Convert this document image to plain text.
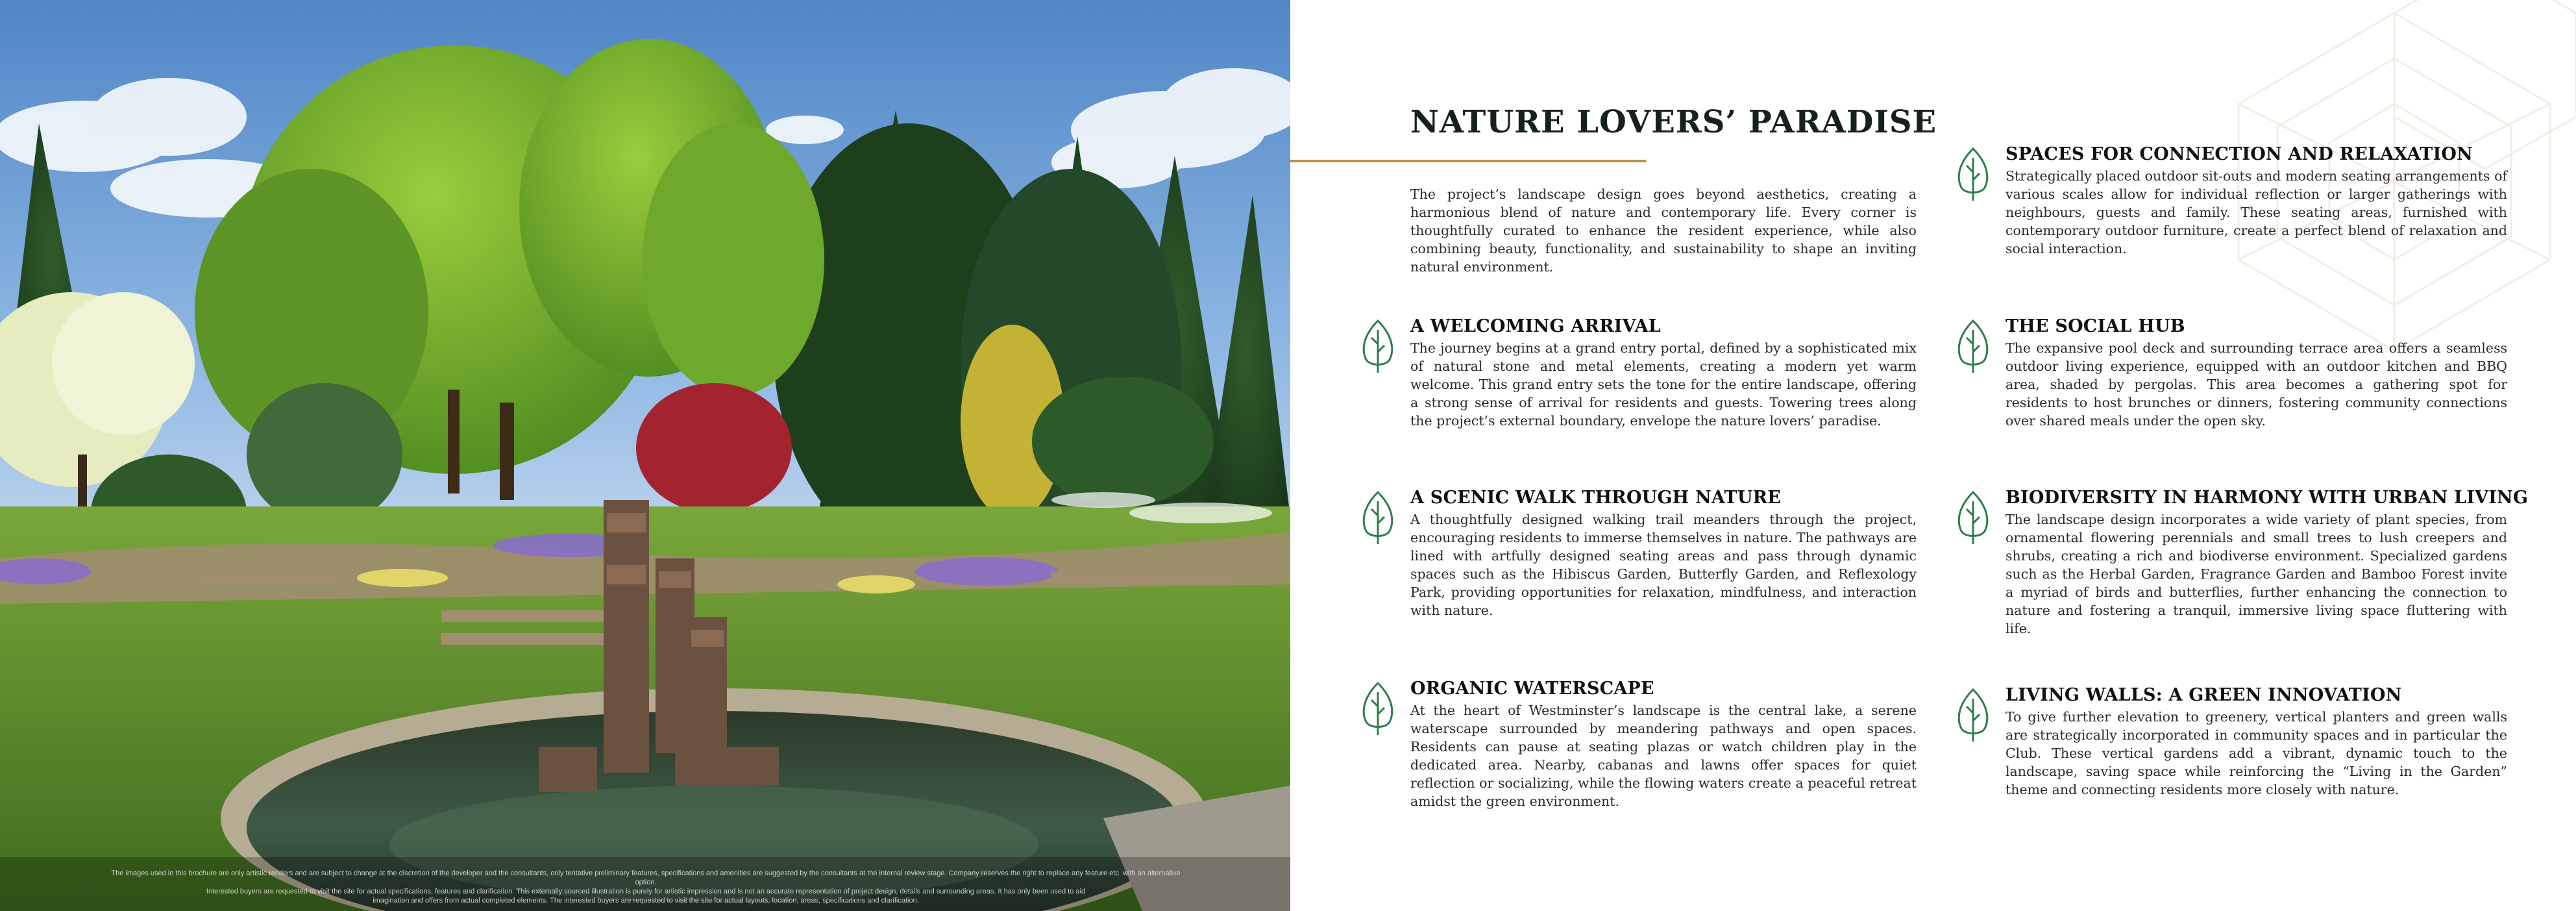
The images used in this brochure are only artistic renders and are subject to change at the discretion of the developer and the consultants, only tentative preliminary features, specifications and amenities are suggested by the consultants at the internal review stage. Company reserves the right to replace any feature etc. with an alternative option.
Interested buyers are requested to visit the site for actual specifications, features and clarification. This externally sourced illustration is purely for artistic impression and is not an accurate representation of project design, details and surrounding areas. It has only been used to aid
imagination and offers from actual completed elements. The interested buyers are requested to visit the site for actual layouts, location, areas, specifications and clarification.
NATURE LOVERS’ PARADISE

The project’s landscape design goes beyond aesthetics, creating a harmonious blend of nature and contemporary life. Every corner is thoughtfully curated to enhance the resident experience, while also combining beauty, functionality, and sustainability to shape an inviting natural environment.

A WELCOMING ARRIVAL

The journey begins at a grand entry portal, defined by a sophisticated mix of natural stone and metal elements, creating a modern yet warm welcome. This grand entry sets the tone for the entire landscape, offering a strong sense of arrival for residents and guests. Towering trees along the project’s external boundary, envelope the nature lovers’ paradise.

A SCENIC WALK THROUGH NATURE

A thoughtfully designed walking trail meanders through the project, encouraging residents to immerse themselves in nature. The pathways are lined with artfully designed seating areas and pass through dynamic spaces such as the Hibiscus Garden, Butterfly Garden, and Reflexology Park, providing opportunities for relaxation, mindfulness, and interaction with nature.

ORGANIC WATERSCAPE

At the heart of Westminster’s landscape is the central lake, a serene waterscape surrounded by meandering pathways and open spaces. Residents can pause at seating plazas or watch children play in the dedicated area. Nearby, cabanas and lawns offer spaces for quiet reflection or socializing, while the flowing waters create a peaceful retreat amidst the green environment.

SPACES FOR CONNECTION AND RELAXATION

Strategically placed outdoor sit-outs and modern seating arrangements of various scales allow for individual reflection or larger gatherings with neighbours, guests and family. These seating areas, furnished with contemporary outdoor furniture, create a perfect blend of relaxation and social interaction.

THE SOCIAL HUB

The expansive pool deck and surrounding terrace area offers a seamless outdoor living experience, equipped with an outdoor kitchen and BBQ area, shaded by pergolas. This area becomes a gathering spot for residents to host brunches or dinners, fostering community connections over shared meals under the open sky.

BIODIVERSITY IN HARMONY WITH URBAN LIVING

The landscape design incorporates a wide variety of plant species, from ornamental flowering perennials and small trees to lush creepers and shrubs, creating a rich and biodiverse environment. Specialized gardens such as the Herbal Garden, Fragrance Garden and Bamboo Forest invite a myriad of birds and butterflies, further enhancing the connection to nature and fostering a tranquil, immersive living space fluttering with life.

LIVING WALLS: A GREEN INNOVATION

To give further elevation to greenery, vertical planters and green walls are strategically incorporated in community spaces and in particular the Club. These vertical gardens add a vibrant, dynamic touch to the landscape, saving space while reinforcing the “Living in the Garden” theme and connecting residents more closely with nature.
